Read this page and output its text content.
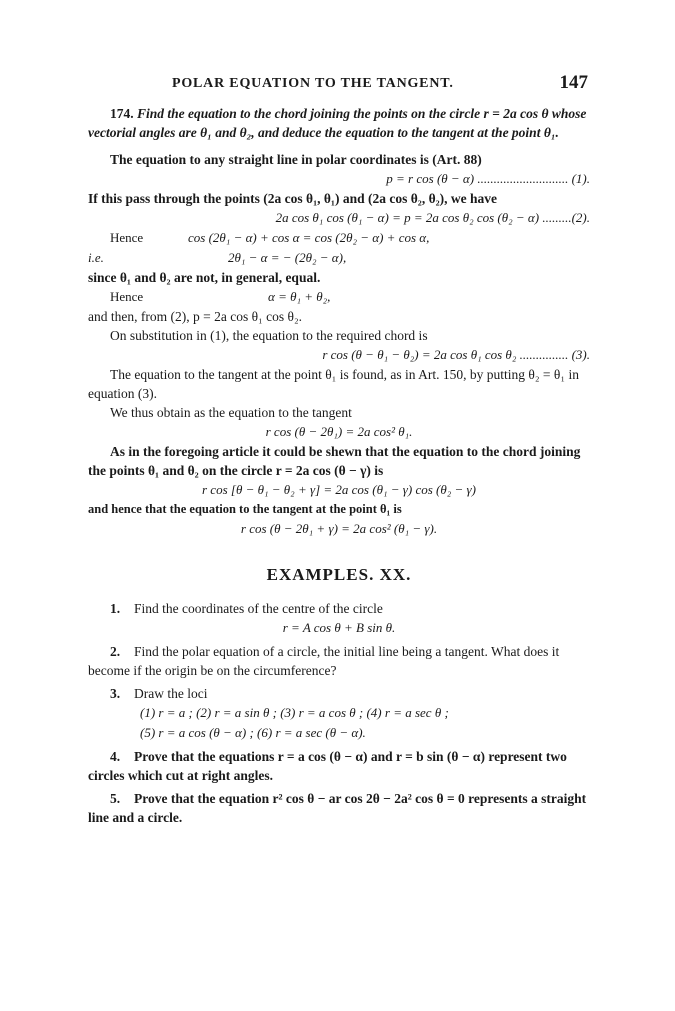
POLAR EQUATION TO THE TANGENT.	147

174. Find the equation to the chord joining the points on the circle r = 2a cos θ whose vectorial angles are θ₁ and θ₂, and deduce the equation to the tangent at the point θ₁.

The equation to any straight line in polar coordinates is (Art. 88)

p = r cos (θ − α) ............................ (1).

If this pass through the points (2a cos θ₁, θ₁) and (2a cos θ₂, θ₂), we have

2a cos θ₁ cos (θ₁ − α) = p = 2a cos θ₂ cos (θ₂ − α) .........(2).
Hence	cos (2θ₁ − α) + cos α = cos (2θ₂ − α) + cos α,
i.e.	2θ₁ − α = − (2θ₂ − α),

since θ₁ and θ₂ are not, in general, equal.

Hence	α = θ₁ + θ₂,

and then, from (2), p = 2a cos θ₁ cos θ₂.

On substitution in (1), the equation to the required chord is

r cos (θ − θ₁ − θ₂) = 2a cos θ₁ cos θ₂ ............... (3).

The equation to the tangent at the point θ₁ is found, as in Art. 150, by putting θ₂ = θ₁ in equation (3).

We thus obtain as the equation to the tangent

r cos (θ − 2θ₁) = 2a cos² θ₁.

As in the foregoing article it could be shewn that the equation to the chord joining the points θ₁ and θ₂ on the circle r = 2a cos (θ − γ) is

r cos [θ − θ₁ − θ₂ + γ] = 2a cos (θ₁ − γ) cos (θ₂ − γ)

and hence that the equation to the tangent at the point θ₁ is

r cos (θ − 2θ₁ + γ) = 2a cos² (θ₁ − γ).
EXAMPLES. XX.

1. Find the coordinates of the centre of the circle

r = A cos θ + B sin θ.

2. Find the polar equation of a circle, the initial line being a tangent. What does it become if the origin be on the circumference?

3. Draw the loci

(1) r = a ; (2) r = a sin θ ; (3) r = a cos θ ; (4) r = a sec θ ;
(5) r = a cos (θ − α) ; (6) r = a sec (θ − α).

4. Prove that the equations r = a cos (θ − α) and r = b sin (θ − α) represent two circles which cut at right angles.

5. Prove that the equation r² cos θ − ar cos 2θ − 2a² cos θ = 0 represents a straight line and a circle.
